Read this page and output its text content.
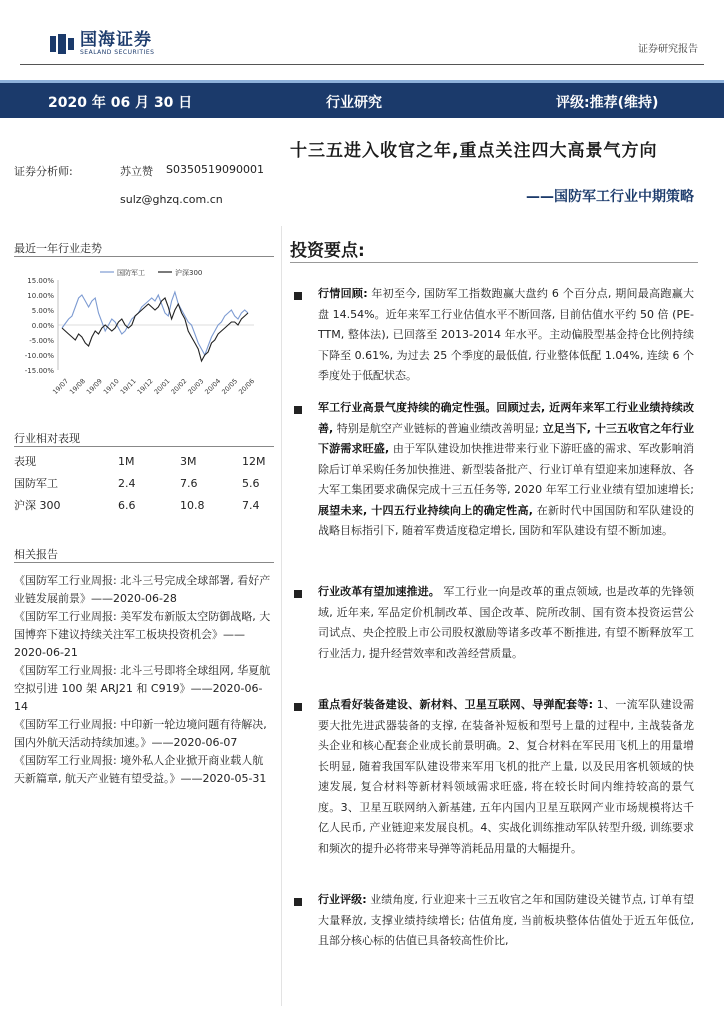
国海证券
SEALAND SECURITIES	证券研究报告
2020 年 06 月 30 日	行业研究	评级:推荐(维持)
十三五进入收官之年,重点关注四大高景气方向
——国防军工行业中期策略
证券分析师:	苏立赞 S0350519090001
sulz@ghzq.com.cn
最近一年行业走势
15.00%
10.00%
5.00%
0.00%
-5.00%
-10.00%
-15.00%
19/07
19/08
19/09
19/10
19/11
19/12
20/01
20/02
20/03
20/04
20/05
20/06
国防军工	沪深300
行业相对表现
表现	1M	3M	12M
国防军工	2.4	7.6	5.6
沪深 300	6.6	10.8	7.4
相关报告

《国防军工行业周报: 北斗三号完成全球部署, 看好产业链发展前景》——2020-06-28

《国防军工行业周报: 美军发布新版太空防御战略, 大国博弈下建议持续关注军工板块投资机会》——2020-06-21

《国防军工行业周报: 北斗三号即将全球组网, 华夏航空拟引进 100 架 ARJ21 和 C919》——2020-06-14

《国防军工行业周报: 中印新一轮边境问题有待解决, 国内外航天活动持续加速。》——2020-06-07

《国防军工行业周报: 境外私人企业掀开商业载人航天新篇章, 航天产业链有望受益。》——2020-05-31

投资要点:
行情回顾: 年初至今, 国防军工指数跑赢大盘约 6 个百分点, 期间最高跑赢大盘 14.54%。近年来军工行业估值水平不断回落, 目前估值水平约 50 倍 (PE-TTM, 整体法), 已回落至 2013-2014 年水平。主动偏股型基金持仓比例持续下降至 0.61%, 为过去 25 个季度的最低值, 行业整体低配 1.04%, 连续 6 个季度处于低配状态。
军工行业高景气度持续的确定性强。回顾过去, 近两年来军工行业业绩持续改善, 特别是航空产业链标的普遍业绩改善明显; 立足当下, 十三五收官之年行业下游需求旺盛, 由于军队建设加快推进带来行业下游旺盛的需求、军改影响消除后订单采购任务加快推进、新型装备批产、行业订单有望迎来加速释放、各大军工集团要求确保完成十三五任务等, 2020 年军工行业业绩有望加速增长; 展望未来, 十四五行业持续向上的确定性高, 在新时代中国国防和军队建设的战略目标指引下, 随着军费适度稳定增长, 国防和军队建设有望不断加速。
行业改革有望加速推进。 军工行业一向是改革的重点领域, 也是改革的先锋领域, 近年来, 军品定价机制改革、国企改革、院所改制、国有资本投资运营公司试点、央企控股上市公司股权激励等诸多改革不断推进, 有望不断释放军工行业活力, 提升经营效率和改善经营质量。
重点看好装备建设、新材料、卫星互联网、导弹配套等: 1、一流军队建设需要大批先进武器装备的支撑, 在装备补短板和型号上量的过程中, 主战装备龙头企业和核心配套企业成长前景明确。2、复合材料在军民用飞机上的用量增长明显, 随着我国军队建设带来军用飞机的批产上量, 以及民用客机领域的快速发展, 复合材料等新材料领域需求旺盛, 将在较长时间内维持较高的景气度。3、卫星互联网纳入新基建, 五年内国内卫星互联网产业市场规模将达千亿人民币, 产业链迎来发展良机。4、实战化训练推动军队转型升级, 训练要求和频次的提升必将带来导弹等消耗品用量的大幅提升。
行业评级: 业绩角度, 行业迎来十三五收官之年和国防建设关键节点, 订单有望大量释放, 支撑业绩持续增长; 估值角度, 当前板块整体估值处于近五年低位, 且部分核心标的估值已具备较高性价比,
